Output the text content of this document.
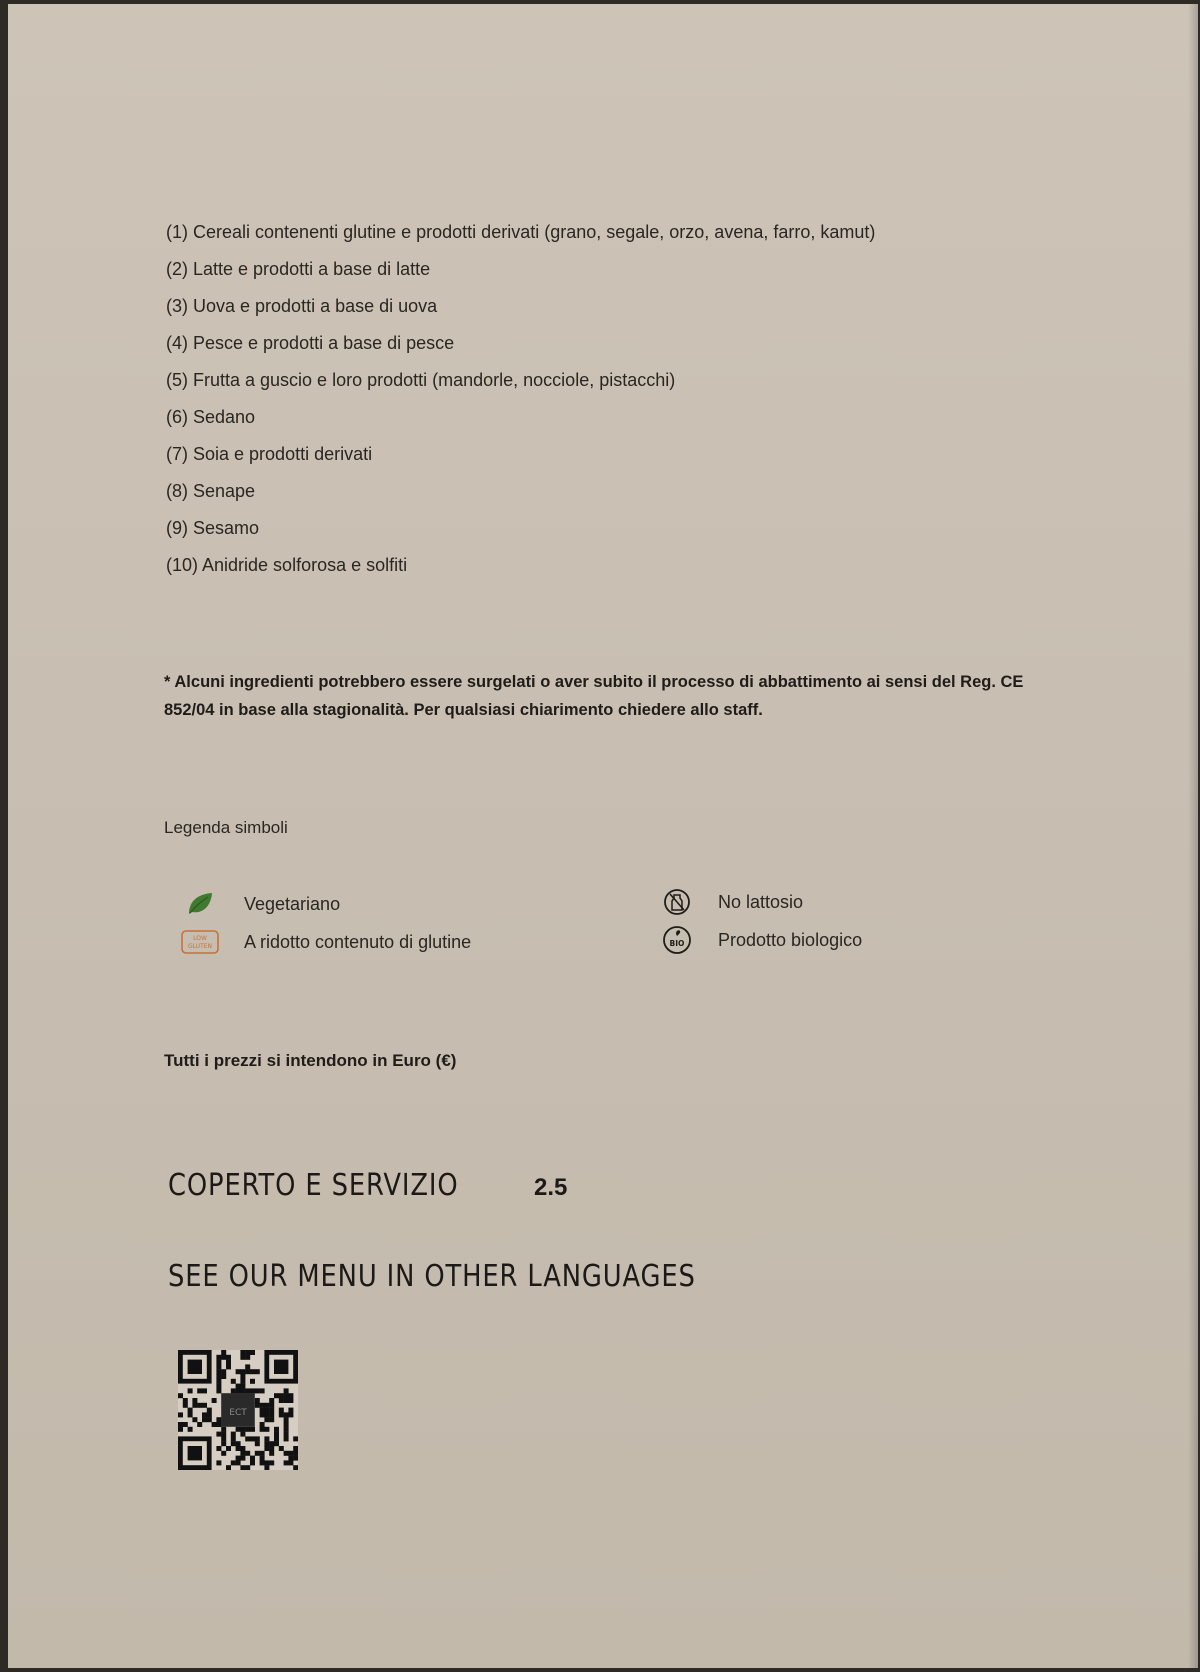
(1) Cereali contenenti glutine e prodotti derivati (grano, segale, orzo, avena, farro, kamut)
(2) Latte e prodotti a base di latte
(3) Uova e prodotti a base di uova
(4) Pesce e prodotti a base di pesce
(5) Frutta a guscio e loro prodotti (mandorle, nocciole, pistacchi)
(6) Sedano
(7) Soia e prodotti derivati
(8) Senape
(9) Sesamo
(10) Anidride solforosa e solfiti
* Alcuni ingredienti potrebbero essere surgelati o aver subito il processo di abbattimento ai sensi del Reg. CE 852/04 in base alla stagionalità. Per qualsiasi chiarimento chiedere allo staff.
Legenda simboli
Vegetariano
LOW
GLUTEN A ridotto contenuto di glutine
No lattosio
BIO Prodotto biologico
Tutti i prezzi si intendono in Euro (€)
COPERTO E SERVIZIO	2.5
SEE OUR MENU IN OTHER LANGUAGES
ECT
